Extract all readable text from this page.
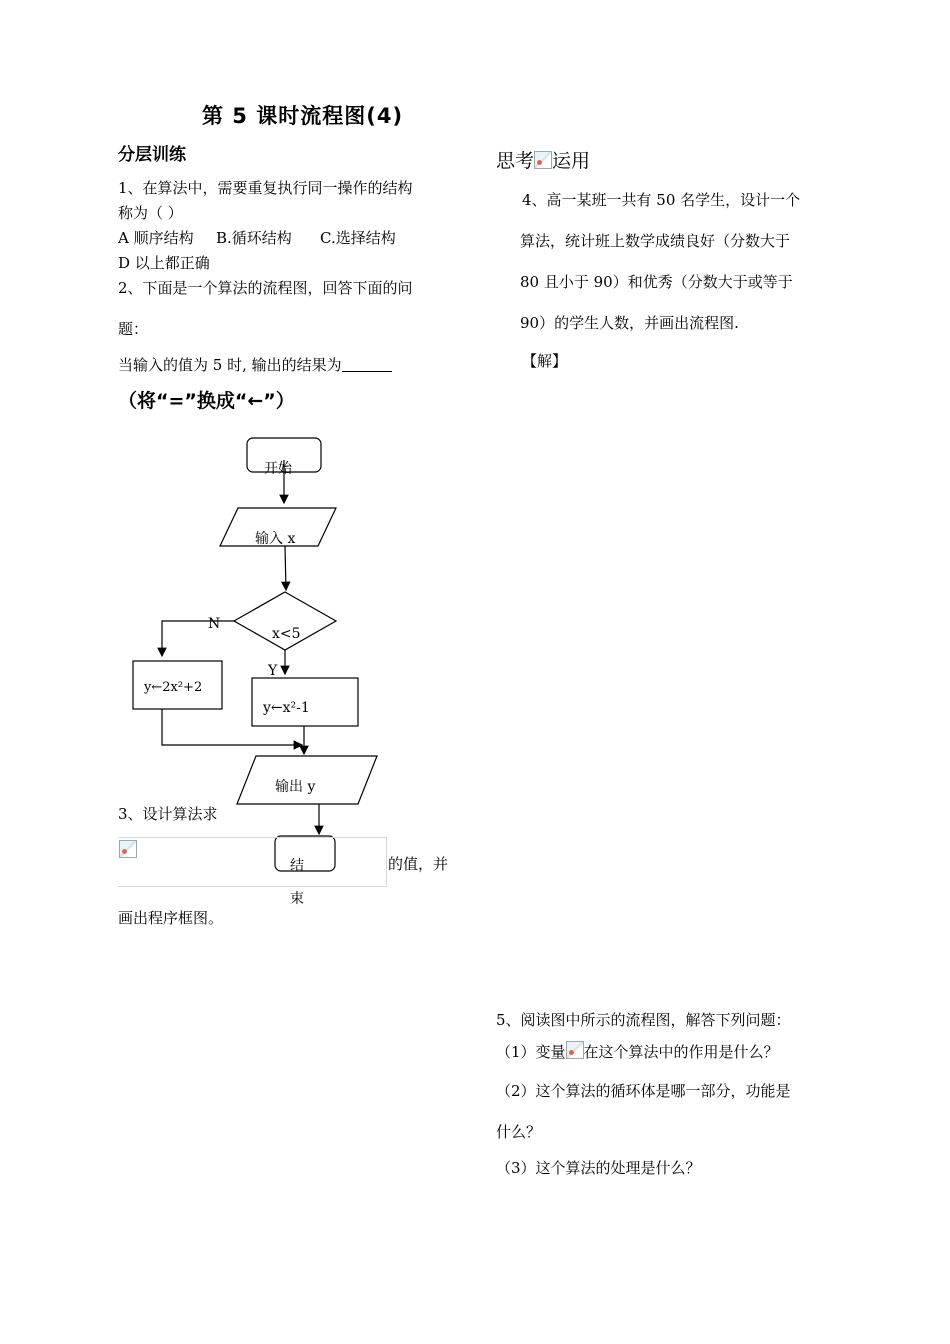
第 5 课时流程图(4)
分层训练
1、在算法中，需要重复执行同一操作的结构
称为（ ）
A 顺序结构 B.循环结构 C.选择结构
D 以上都正确
2、下面是一个算法的流程图，回答下面的问
题：
当输入的值为 5 时, 输出的结果为
（将“=”换成“←”）
开始
输入 x
x<5
N
Y
y←2x²+2
y←x²-1
输出 y
结
束
3、设计算法求
的值，并
画出程序框图。
思考 运用
4、高一某班一共有 50 名学生，设计一个
算法，统计班上数学成绩良好（分数大于
80 且小于 90）和优秀（分数大于或等于
90）的学生人数，并画出流程图.
【解】
5、阅读图中所示的流程图，解答下列问题：
（1）变量 在这个算法中的作用是什么？
（2）这个算法的循环体是哪一部分，功能是
什么？
（3）这个算法的处理是什么？
